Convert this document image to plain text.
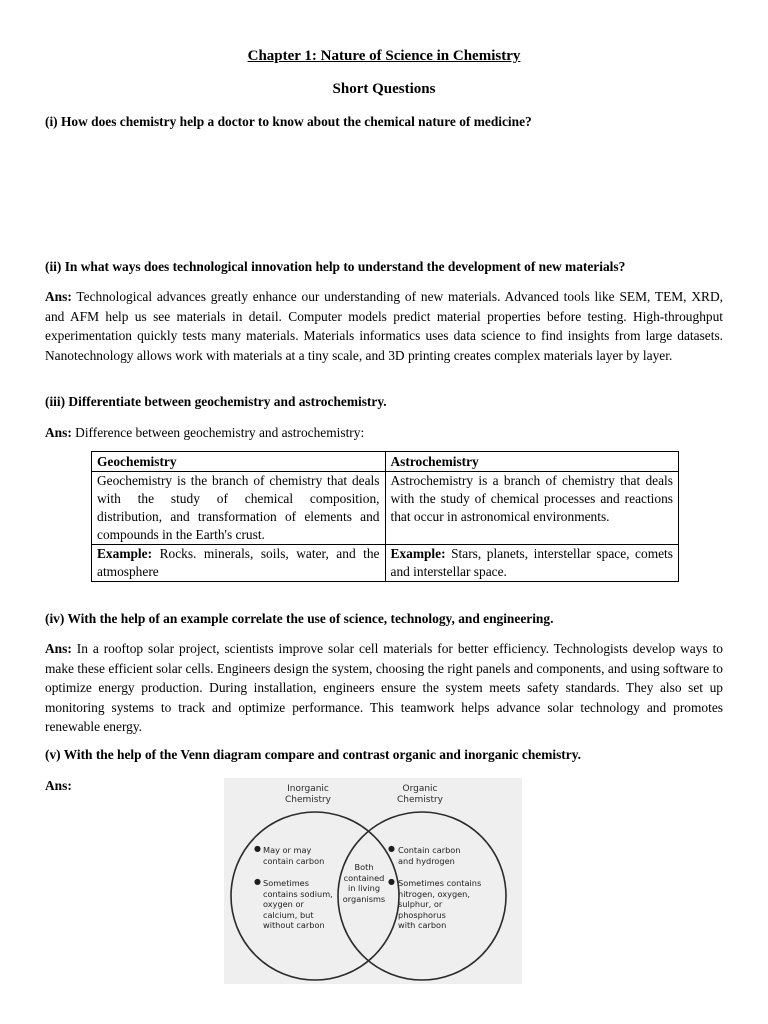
Chapter 1: Nature of Science in Chemistry
Short Questions
(i) How does chemistry help a doctor to know about the chemical nature of medicine?
(ii) In what ways does technological innovation help to understand the development of new materials?
Ans: Technological advances greatly enhance our understanding of new materials. Advanced tools like SEM, TEM, XRD, and AFM help us see materials in detail. Computer models predict material properties before testing. High-throughput experimentation quickly tests many materials. Materials informatics uses data science to find insights from large datasets. Nanotechnology allows work with materials at a tiny scale, and 3D printing creates complex materials layer by layer.
(iii) Differentiate between geochemistry and astrochemistry.
Ans: Difference between geochemistry and astrochemistry:
Geochemistry	Astrochemistry
Geochemistry is the branch of chemistry that deals with the study of chemical composition, distribution, and transformation of elements and compounds in the Earth's crust.	Astrochemistry is a branch of chemistry that deals with the study of chemical processes and reactions that occur in astronomical environments.
Example: Rocks. minerals, soils, water, and the atmosphere	Example: Stars, planets, interstellar space, comets and interstellar space.
(iv) With the help of an example correlate the use of science, technology, and engineering.
Ans: In a rooftop solar project, scientists improve solar cell materials for better efficiency. Technologists develop ways to make these efficient solar cells. Engineers design the system, choosing the right panels and components, and using software to optimize energy production. During installation, engineers ensure the system meets safety standards. They also set up monitoring systems to track and optimize performance. This teamwork helps advance solar technology and promotes renewable energy.
(v) With the help of the Venn diagram compare and contrast organic and inorganic chemistry.
Ans:	Inorganic
Chemistry
Organic
Chemistry
● May or may
contain carbon
● Sometimes
contains sodium,
oxygen or
calcium, but
without carbon
Both
contained
in living
organisms
● Contain carbon
and hydrogen
● Sometimes contains
nitrogen, oxygen,
sulphur, or
phosphorus
with carbon
